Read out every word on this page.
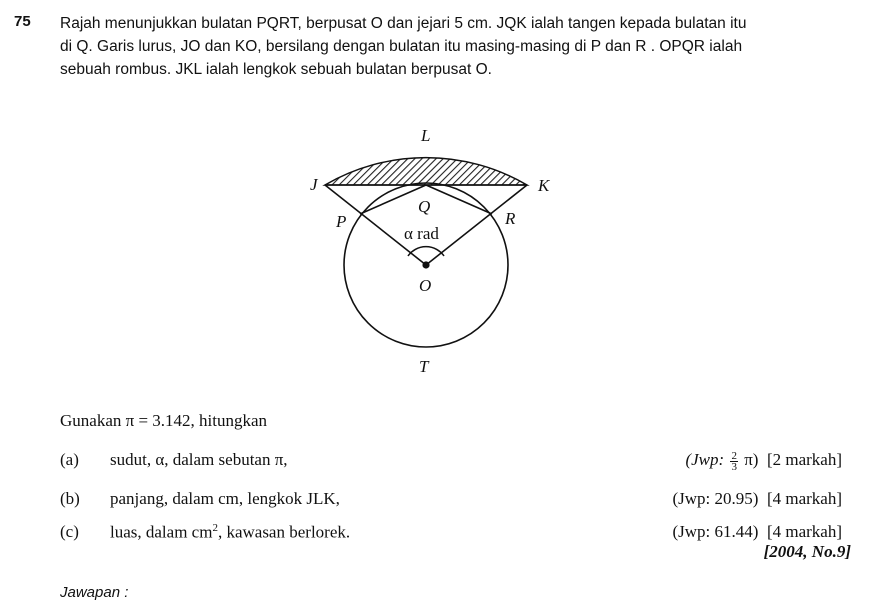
75 Rajah menunjukkan bulatan PQRT, berpusat O dan jejari 5 cm. JQK ialah tangen kepada bulatan itu
di Q. Garis lurus, JO dan KO, bersilang dengan bulatan itu masing-masing di P dan R . OPQR ialah
sebuah rombus. JKL ialah lengkok sebuah bulatan berpusat O.

L
J	K
Q
P	R
α rad
O
T
Gunakan π = 3.142, hitungkan
(a) sudut, α, dalam sebutan π,	(Jwp: $\frac{2}{3} \pi$) [2 markah]
(b) panjang, dalam cm, lengkok JLK,	(Jwp: 20.95) [4 markah]
(c) luas, dalam $cm^2$, kawasan berlorek.	(Jwp: 61.44) [4 markah]
[2004, No.9]
Jawapan :
